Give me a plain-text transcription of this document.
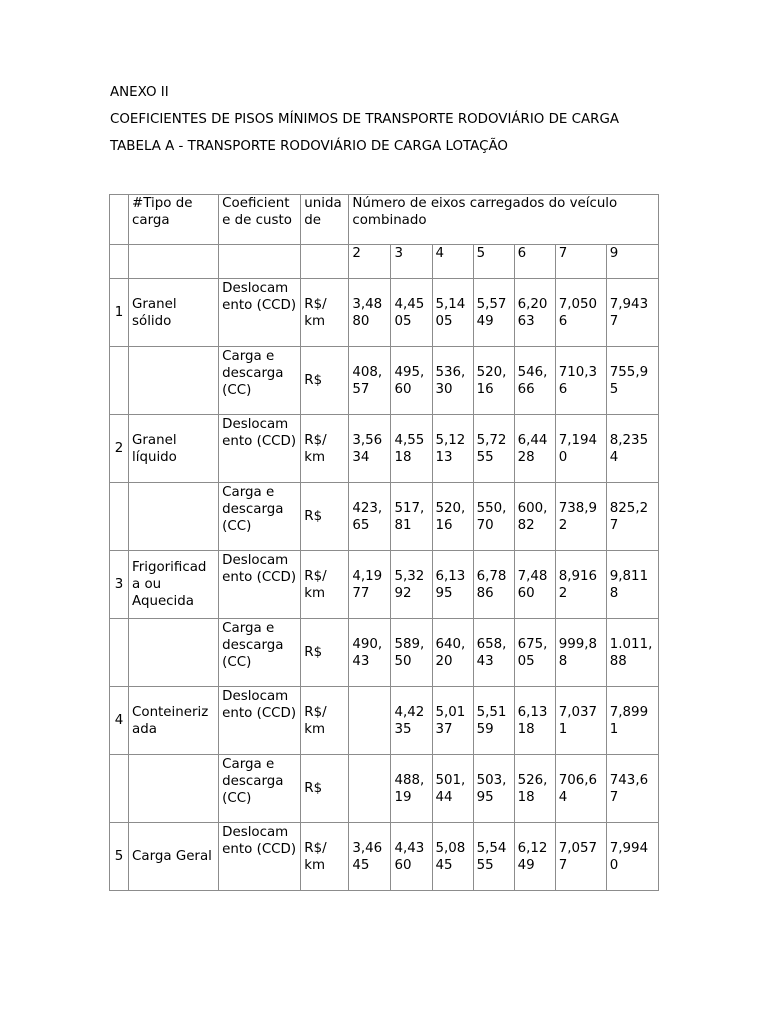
ANEXO II
COEFICIENTES DE PISOS MÍNIMOS DE TRANSPORTE RODOVIÁRIO DE CARGA
TABELA A - TRANSPORTE RODOVIÁRIO DE CARGA LOTAÇÃO
	#Tipo de carga	Coeficient e de custo	unida de	Número de eixos carregados do veículo combinado						
				2	3	4	5	6	7	9
1	Granel sólido	Deslocam ento (CCD)	R$/ km	3,48 80	4,45 05	5,14 05	5,57 49	6,20 63	7,050 6	7,943 7
		Carga e descarga (CC)	R$	408, 57	495, 60	536, 30	520, 16	546, 66	710,3 6	755,9 5
2	Granel líquido	Deslocam ento (CCD)	R$/ km	3,56 34	4,55 18	5,12 13	5,72 55	6,44 28	7,194 0	8,235 4
		Carga e descarga (CC)	R$	423, 65	517, 81	520, 16	550, 70	600, 82	738,9 2	825,2 7
3	Frigorificad a ou Aquecida	Deslocam ento (CCD)	R$/ km	4,19 77	5,32 92	6,13 95	6,78 86	7,48 60	8,916 2	9,811 8
		Carga e descarga (CC)	R$	490, 43	589, 50	640, 20	658, 43	675, 05	999,8 8	1.011, 88
4	Conteineriz ada	Deslocam ento (CCD)	R$/ km		4,42 35	5,01 37	5,51 59	6,13 18	7,037 1	7,899 1
		Carga e descarga (CC)	R$		488, 19	501, 44	503, 95	526, 18	706,6 4	743,6 7
5	Carga Geral	Deslocam ento (CCD)	R$/ km	3,46 45	4,43 60	5,08 45	5,54 55	6,12 49	7,057 7	7,994 0
